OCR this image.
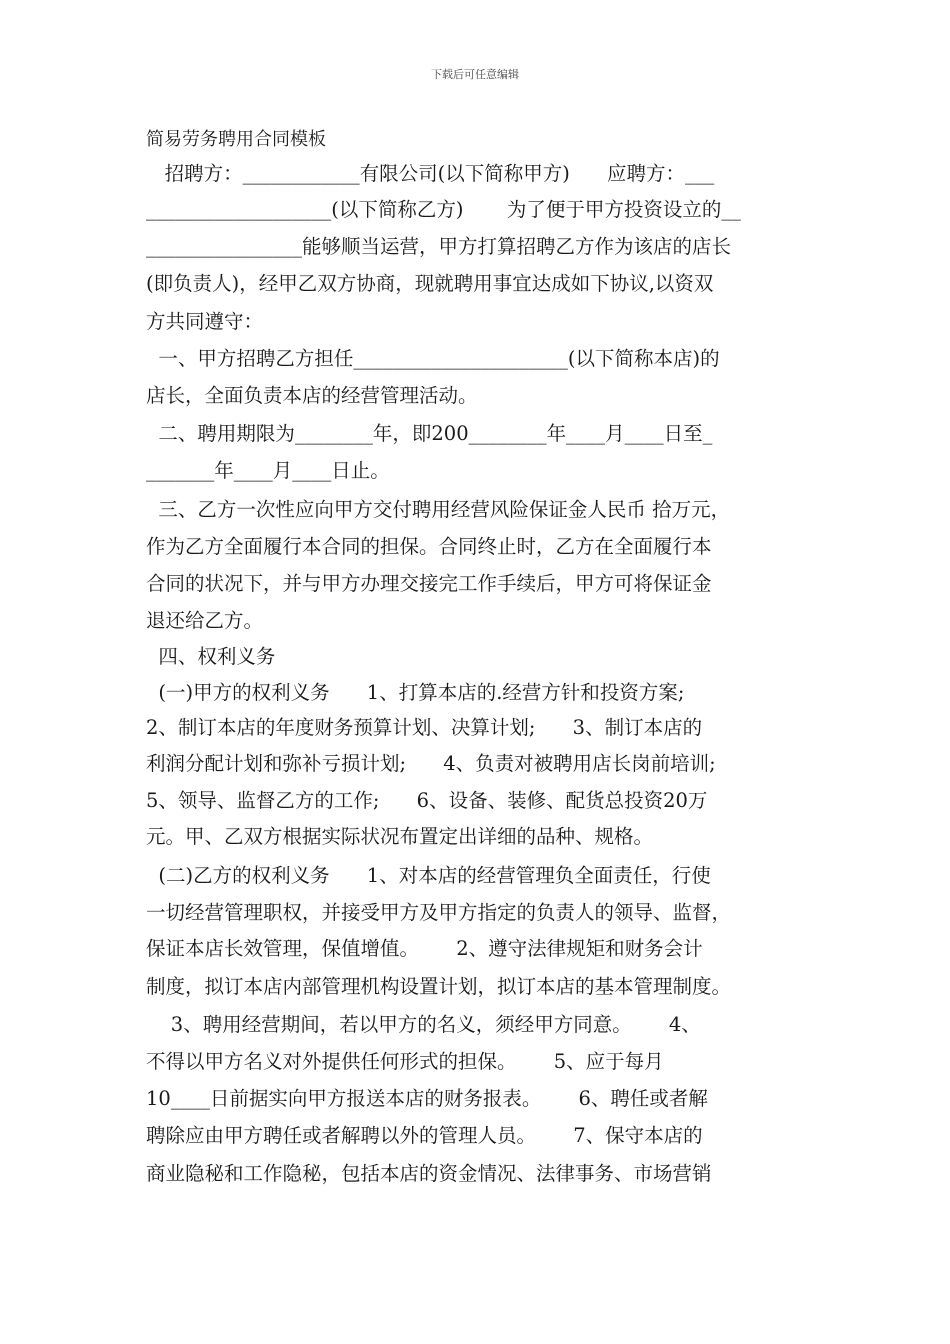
下载后可任意编辑
简易劳务聘用合同模板
招聘方：____________有限公司(以下简称甲方)      应聘方：___
___________________(以下简称乙方)       为了便于甲方投资设立的__
________________能够顺当运营，甲方打算招聘乙方作为该店的店长
(即负责人)，经甲乙双方协商，现就聘用事宜达成如下协议,以资双
方共同遵守：
一、甲方招聘乙方担任______________________(以下简称本店)的
店长，全面负责本店的经营管理活动。
二、聘用期限为________年，即200________年____月____日至_
_______年____月____日止。
三、乙方一次性应向甲方交付聘用经营风险保证金人民币 拾万元，
作为乙方全面履行本合同的担保。合同终止时，乙方在全面履行本
合同的状况下，并与甲方办理交接完工作手续后，甲方可将保证金
退还给乙方。
四、权利义务
(一)甲方的权利义务      1、打算本店的.经营方针和投资方案;
2、制订本店的年度财务预算计划、决算计划;      3、制订本店的
利润分配计划和弥补亏损计划;      4、负责对被聘用店长岗前培训;
5、领导、监督乙方的工作;      6、设备、装修、配货总投资20万
元。甲、乙双方根据实际状况布置定出详细的品种、规格。
(二)乙方的权利义务      1、对本店的经营管理负全面责任，行使
一切经营管理职权，并接受甲方及甲方指定的负责人的领导、监督，
保证本店长效管理，保值增值。      2、遵守法律规矩和财务会计
制度，拟订本店内部管理机构设置计划，拟订本店的基本管理制度。
3、聘用经营期间，若以甲方的名义，须经甲方同意。      4、
不得以甲方名义对外提供任何形式的担保。      5、应于每月
10____日前据实向甲方报送本店的财务报表。      6、聘任或者解
聘除应由甲方聘任或者解聘以外的管理人员。      7、保守本店的
商业隐秘和工作隐秘，包括本店的资金情况、法律事务、市场营销
